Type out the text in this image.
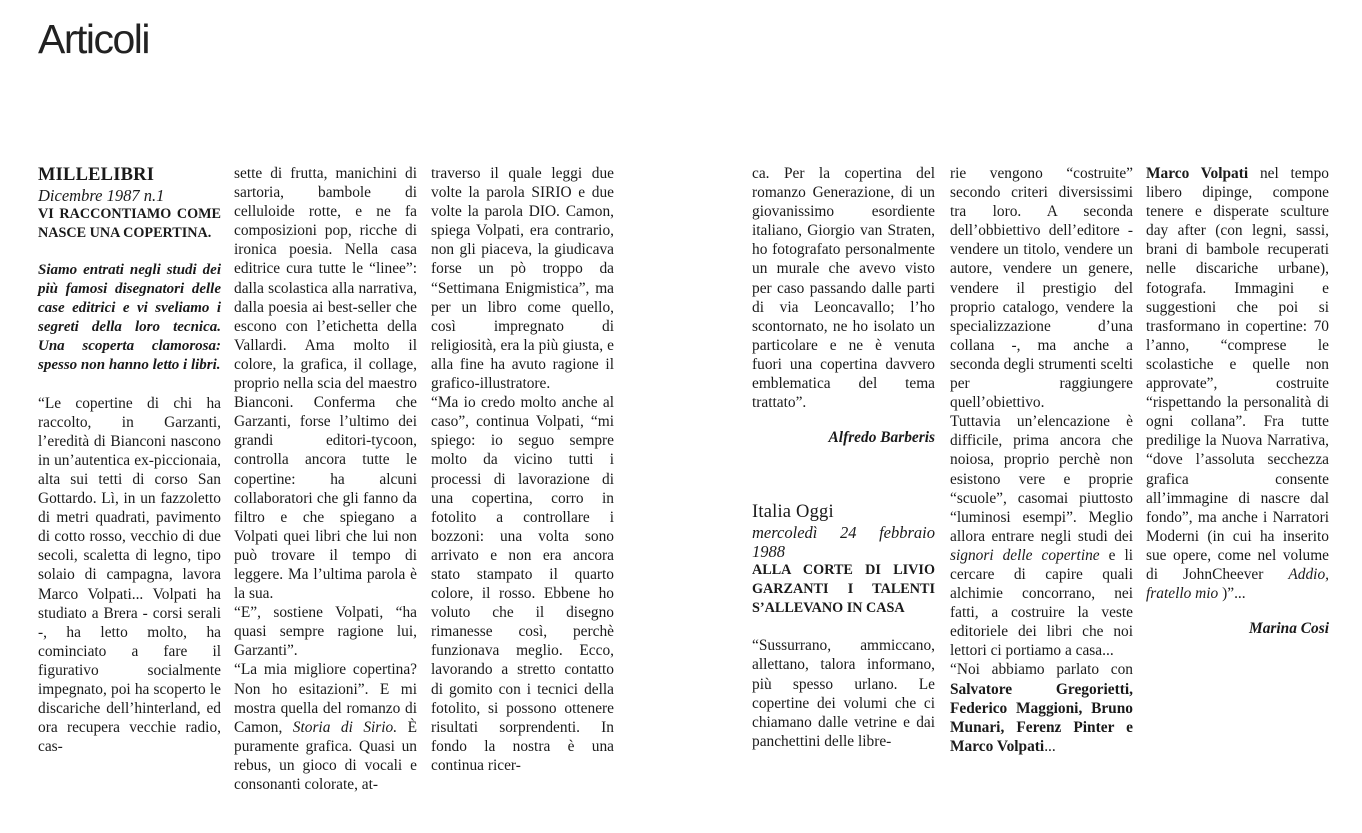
Articoli

MILLELIBRI

Dicembre 1987 n.1

VI RACCONTIAMO COME NASCE UNA COPERTINA.

Siamo entrati negli studi dei più famosi disegnatori delle case editrici e vi sveliamo i segreti della loro tecnica. Una scoperta clamorosa: spesso non hanno letto i libri.

“Le copertine di chi ha raccolto, in Garzanti, l’eredità di Bianconi nascono in un’autentica ex-piccionaia, alta sui tetti di corso San Gottardo. Lì, in un fazzoletto di metri quadrati, pavimento di cotto rosso, vecchio di due secoli, scaletta di legno, tipo solaio di campagna, lavora Marco Volpati... Volpati ha studiato a Brera - corsi serali -, ha letto molto, ha cominciato a fare il figurativo socialmente impegnato, poi ha scoperto le discariche dell’hinterland, ed ora recupera vecchie radio, cas-

sette di frutta, manichini di sartoria, bambole di celluloide rotte, e ne fa composizioni pop, ricche di ironica poesia. Nella casa editrice cura tutte le “linee”: dalla scolastica alla narrativa, dalla poesia ai best-seller che escono con l’etichetta della Vallardi. Ama molto il colore, la grafica, il collage, proprio nella scia del maestro Bianconi. Conferma che Garzanti, forse l’ultimo dei grandi editori-tycoon, controlla ancora tutte le copertine: ha alcuni collaboratori che gli fanno da filtro e che spiegano a Volpati quei libri che lui non può trovare il tempo di leggere. Ma l’ultima parola è la sua.

“E”, sostiene Volpati, “ha quasi sempre ragione lui, Garzanti”.

“La mia migliore copertina? Non ho esitazioni”. E mi mostra quella del romanzo di Camon, Storia di Sirio. È puramente grafica. Quasi un rebus, un gioco di vocali e consonanti colorate, at-

traverso il quale leggi due volte la parola SIRIO e due volte la parola DIO. Camon, spiega Volpati, era contrario, non gli piaceva, la giudicava forse un pò troppo da “Settimana Enigmistica”, ma per un libro come quello, così impregnato di religiosità, era la più giusta, e alla fine ha avuto ragione il grafico-illustratore.

“Ma io credo molto anche al caso”, continua Volpati, “mi spiego: io seguo sempre molto da vicino tutti i processi di lavorazione di una copertina, corro in fotolito a controllare i bozzoni: una volta sono arrivato e non era ancora stato stampato il quarto colore, il rosso. Ebbene ho voluto che il disegno rimanesse così, perchè funzionava meglio. Ecco, lavorando a stretto contatto di gomito con i tecnici della fotolito, si possono ottenere risultati sorprendenti. In fondo la nostra è una continua ricer-

ca. Per la copertina del romanzo Generazione, di un giovanissimo esordiente italiano, Giorgio van Straten, ho fotografato personalmente un murale che avevo visto per caso passando dalle parti di via Leoncavallo; l’ho scontornato, ne ho isolato un particolare e ne è venuta fuori una copertina davvero emblematica del tema trattato”.

Alfredo Barberis

Italia Oggi

mercoledì 24 febbraio 1988

ALLA CORTE DI LIVIO GARZANTI I TALENTI S’ALLEVANO IN CASA

“Sussurrano, ammiccano, allettano, talora informano, più spesso urlano. Le copertine dei volumi che ci chiamano dalle vetrine e dai panchettini delle libre-

rie vengono “costruite” secondo criteri diversissimi tra loro. A seconda dell’obbiettivo dell’editore - vendere un titolo, vendere un autore, vendere un genere, vendere il prestigio del proprio catalogo, vendere la specializzazione d’una collana -, ma anche a seconda degli strumenti scelti per raggiungere quell’obiettivo.

Tuttavia un’elencazione è difficile, prima ancora che noiosa, proprio perchè non esistono vere e proprie “scuole”, casomai piuttosto “luminosi esempi”. Meglio allora entrare negli studi dei signori delle copertine e li cercare di capire quali alchimie concorrano, nei fatti, a costruire la veste editoriele dei libri che noi lettori ci portiamo a casa...

“Noi abbiamo parlato con Salvatore Gregorietti, Federico Maggioni, Bruno Munari, Ferenz Pinter e Marco Volpati...

Marco Volpati nel tempo libero dipinge, compone tenere e disperate sculture day after (con legni, sassi, brani di bambole recuperati nelle discariche urbane), fotografa. Immagini e suggestioni che poi si trasformano in copertine: 70 l’anno, “comprese le scolastiche e quelle non approvate”, costruite “rispettando la personalità di ogni collana”. Fra tutte predilige la Nuova Narrativa, “dove l’assoluta secchezza grafica consente all’immagine di nascre dal fondo”, ma anche i Narratori Moderni (in cui ha inserito sue opere, come nel volume di JohnCheever Addio, fratello mio )”...

Marina Cosi
